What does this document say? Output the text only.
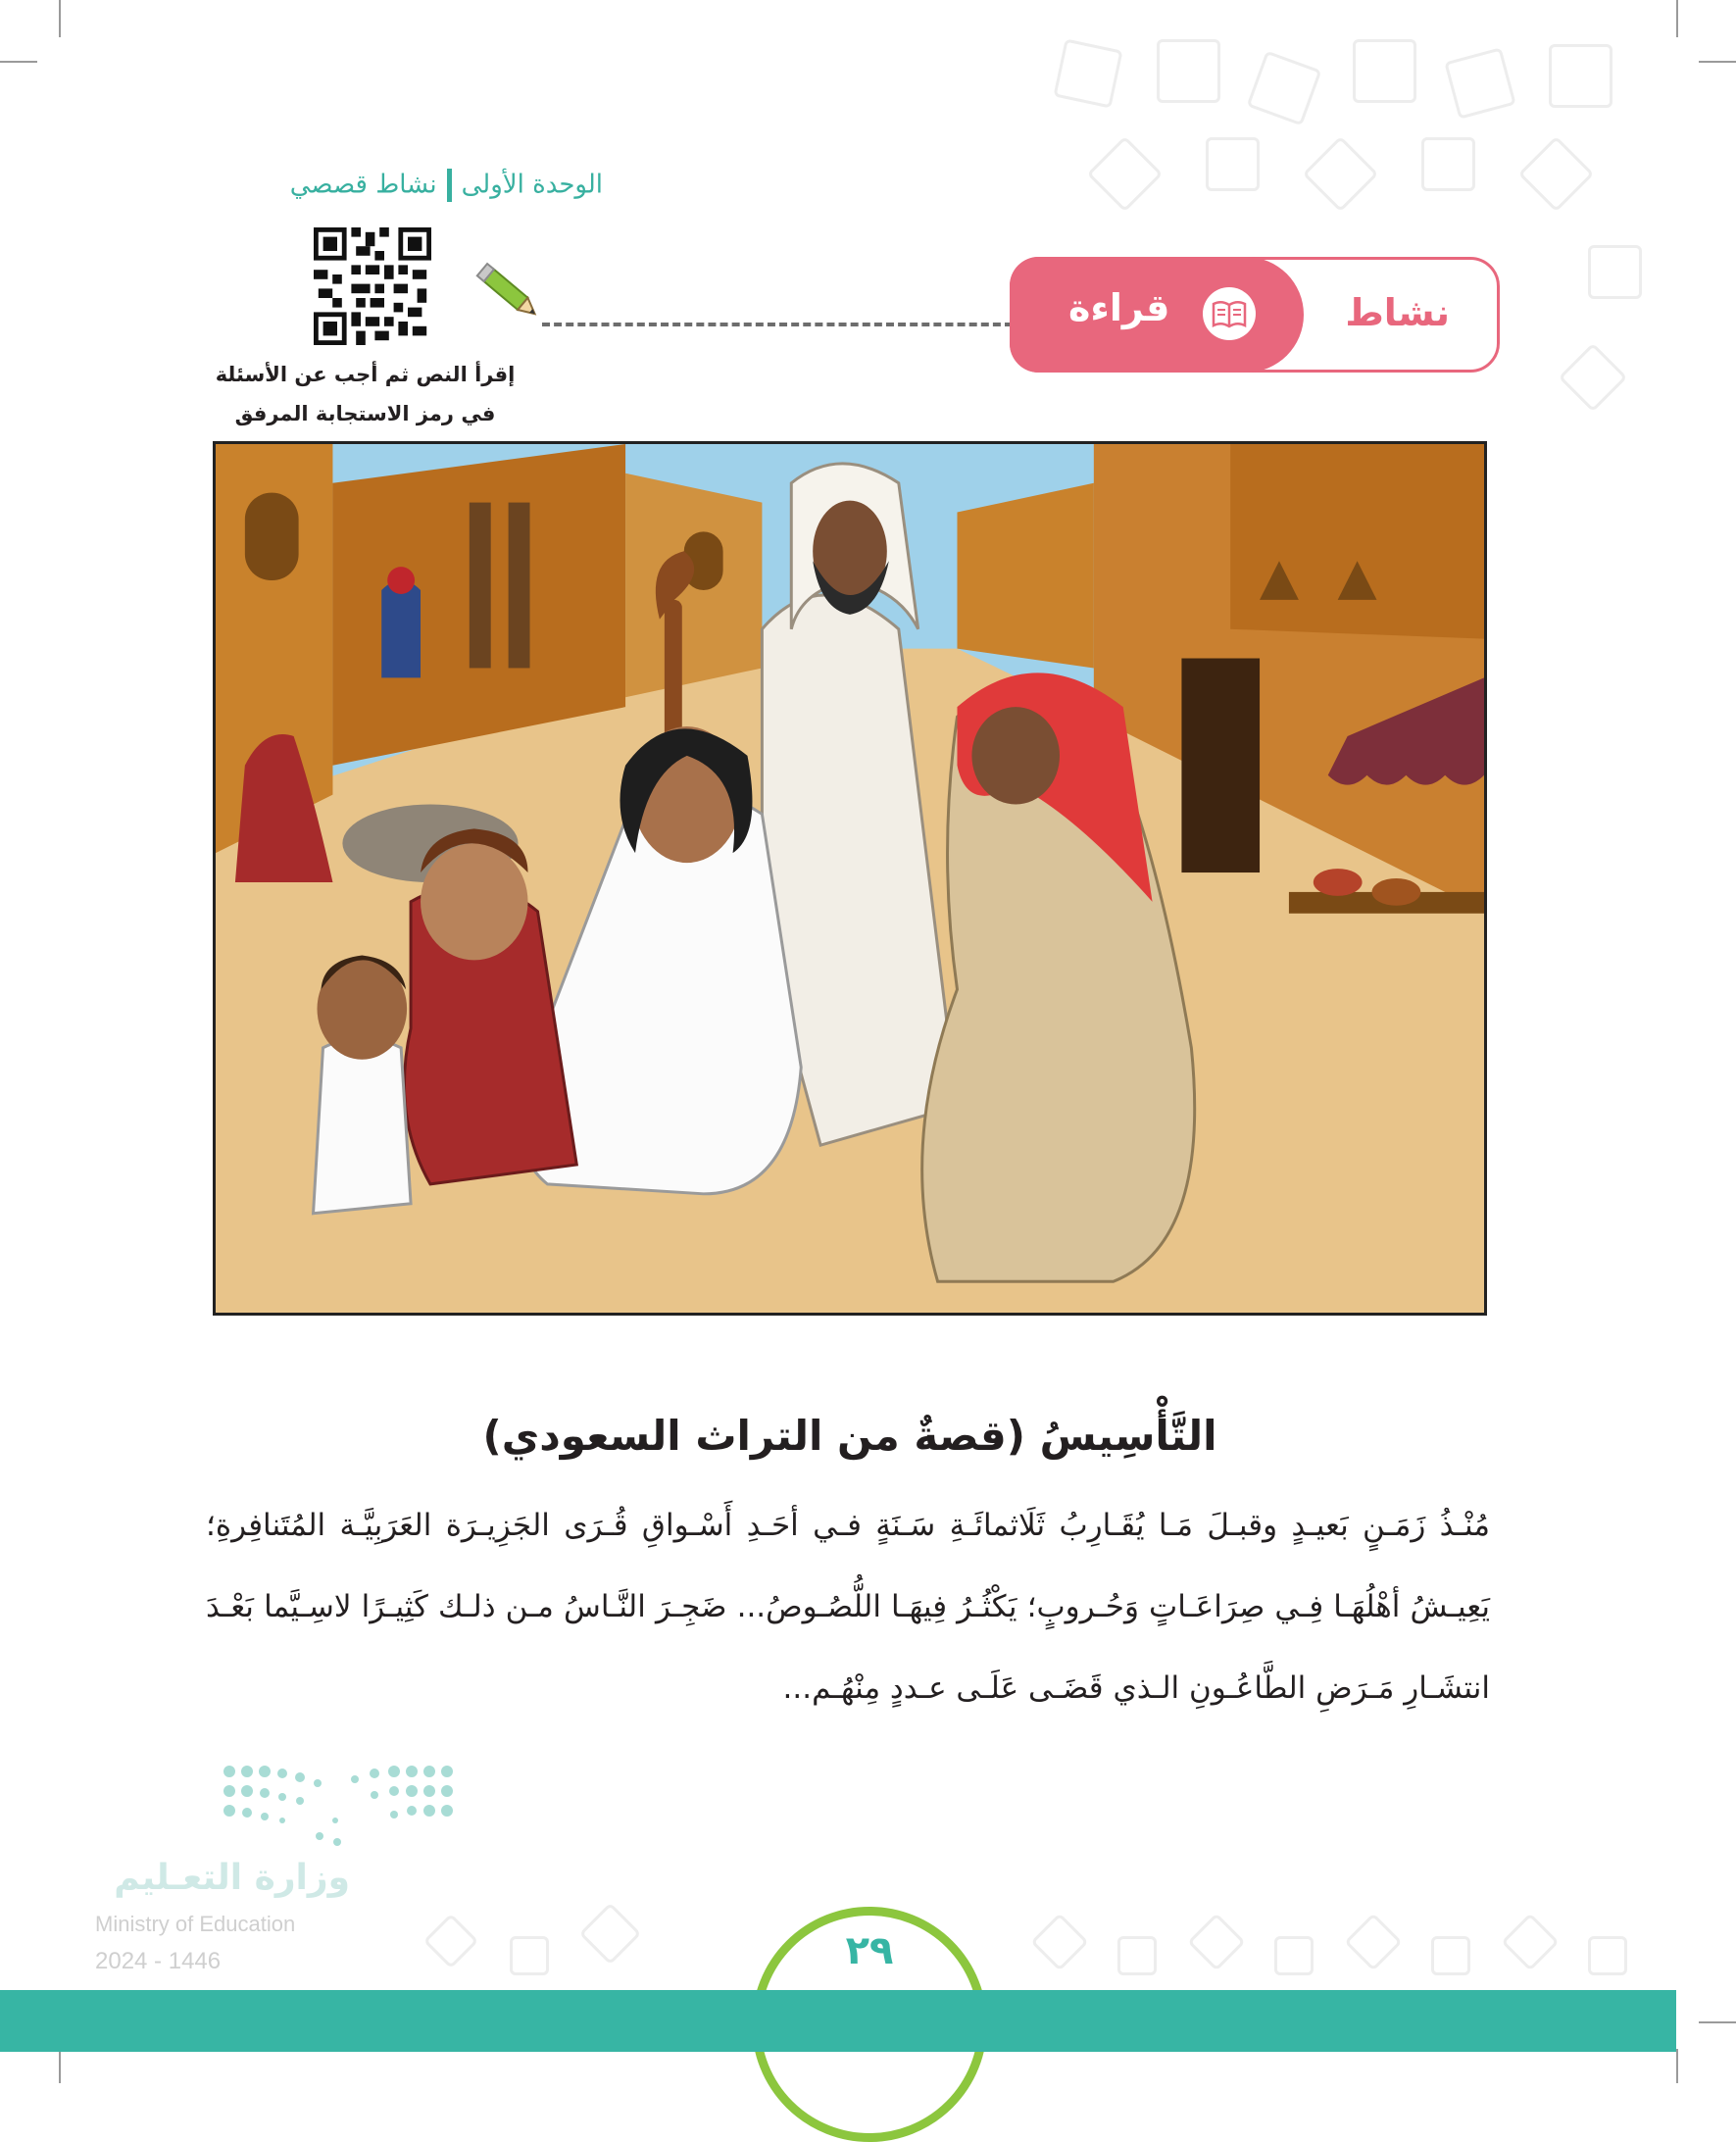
الوحدة الأولىنشاط قصصي
إقرأ النص ثم أجب عن الأسئلة
في رمز الاستجابة المرفق
قراءة	نشاط
التَّأْسِيسُ (قصةٌ من التراث السعودي)
مُنْـذُ زَمَـنٍ بَعيـدٍ وقبـلَ مَـا يُقَـارِبُ ثَلَاثمائَـةِ سَـنَةٍ فـي أحَـدِ أَسْـواقِ قُـرَى الجَزِيـرَة العَرَبِيَّـة المُتَنافِرةِ؛ يَعِيـشُ أهْلُهَـا فِـي صِرَاعَـاتٍ وَحُـروبٍ؛ يَكْثُـرُ فِيهَـا اللُّصُـوصُ... ضَجِـرَ النَّـاسُ مـن ذلـك كَثِيـرًا لاسِـيَّما بَعْـدَ انتشَـارِ مَـرَضِ الطَّاعُـونِ الـذي قَضَـى عَلَـى عـددٍ مِنْهُـم...
وزارة التعـليم
Ministry of Education
2024 - 1446	٢٩
